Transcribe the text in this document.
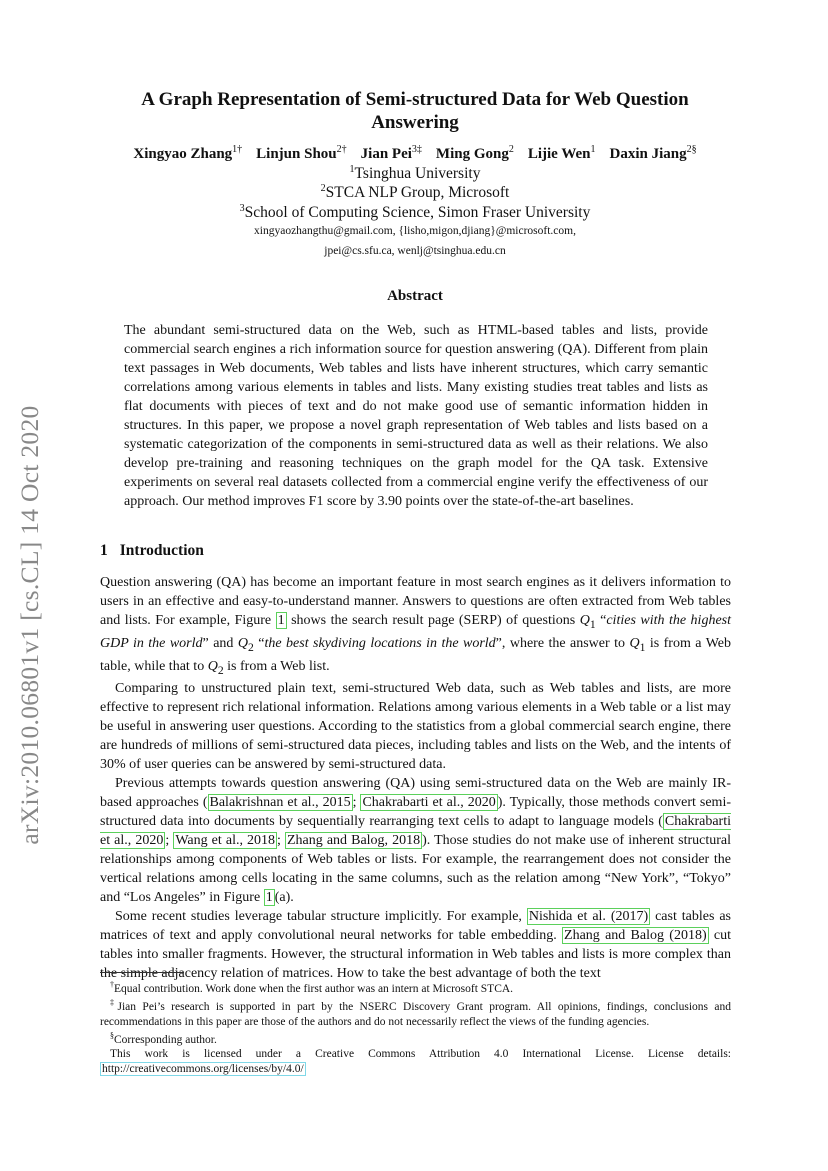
arXiv:2010.06801v1 [cs.CL] 14 Oct 2020
A Graph Representation of Semi-structured Data for Web Question Answering
Xingyao Zhang$^{1\dagger}$ Linjun Shou$^{2\dagger}$ Jian Pei$^{3\ddagger}$ Ming Gong$^2$ Lijie Wen$^1$ Daxin Jiang$^{2\S}$
$^1$Tsinghua University
$^2$STCA NLP Group, Microsoft
$^3$School of Computing Science, Simon Fraser University
xingyaozhangthu@gmail.com, {lisho,migon,djiang}@microsoft.com,
jpei@cs.sfu.ca, wenlj@tsinghua.edu.cn
Abstract

The abundant semi-structured data on the Web, such as HTML-based tables and lists, provide commercial search engines a rich information source for question answering (QA). Different from plain text passages in Web documents, Web tables and lists have inherent structures, which carry semantic correlations among various elements in tables and lists. Many existing studies treat tables and lists as flat documents with pieces of text and do not make good use of semantic information hidden in structures. In this paper, we propose a novel graph representation of Web tables and lists based on a systematic categorization of the components in semi-structured data as well as their relations. We also develop pre-training and reasoning techniques on the graph model for the QA task. Extensive experiments on several real datasets collected from a commercial engine verify the effectiveness of our approach. Our method improves F1 score by 3.90 points over the state-of-the-art baselines.

1 Introduction

Question answering (QA) has become an important feature in most search engines as it delivers information to users in an effective and easy-to-understand manner. Answers to questions are often extracted from Web tables and lists. For example, Figure 1 shows the search result page (SERP) of questions $Q_1$ “cities with the highest GDP in the world” and $Q_2$ “the best skydiving locations in the world”, where the answer to $Q_1$ is from a Web table, while that to $Q_2$ is from a Web list.

Comparing to unstructured plain text, semi-structured Web data, such as Web tables and lists, are more effective to represent rich relational information. Relations among various elements in a Web table or a list may be useful in answering user questions. According to the statistics from a global commercial search engine, there are hundreds of millions of semi-structured data pieces, including tables and lists on the Web, and the intents of 30% of user queries can be answered by semi-structured data.

Previous attempts towards question answering (QA) using semi-structured data on the Web are mainly IR-based approaches ( Balakrishnan et al., 2015 ; Chakrabarti et al., 2020 ). Typically, those methods convert semi-structured data into documents by sequentially rearranging text cells to adapt to language models ( Chakrabarti et al., 2020 ; Wang et al., 2018 ; Zhang and Balog, 2018 ). Those studies do not make use of inherent structural relationships among components of Web tables or lists. For example, the rearrangement does not consider the vertical relations among cells locating in the same columns, such as the relation among “New York”, “Tokyo” and “Los Angeles” in Figure 1 (a).

Some recent studies leverage tabular structure implicitly. For example, Nishida et al. (2017) cast tables as matrices of text and apply convolutional neural networks for table embedding. Zhang and Balog (2018) cut tables into smaller fragments. However, the structural information in Web tables and lists is more complex than the simple adjacency relation of matrices. How to take the best advantage of both the text

†Equal contribution. Work done when the first author was an intern at Microsoft STCA.

‡Jian Pei’s research is supported in part by the NSERC Discovery Grant program. All opinions, findings, conclusions and recommendations in this paper are those of the authors and do not necessarily reflect the views of the funding agencies.

§Corresponding author.

This work is licensed under a Creative Commons Attribution 4.0 International License. License details: http://creativecommons.org/licenses/by/4.0/
